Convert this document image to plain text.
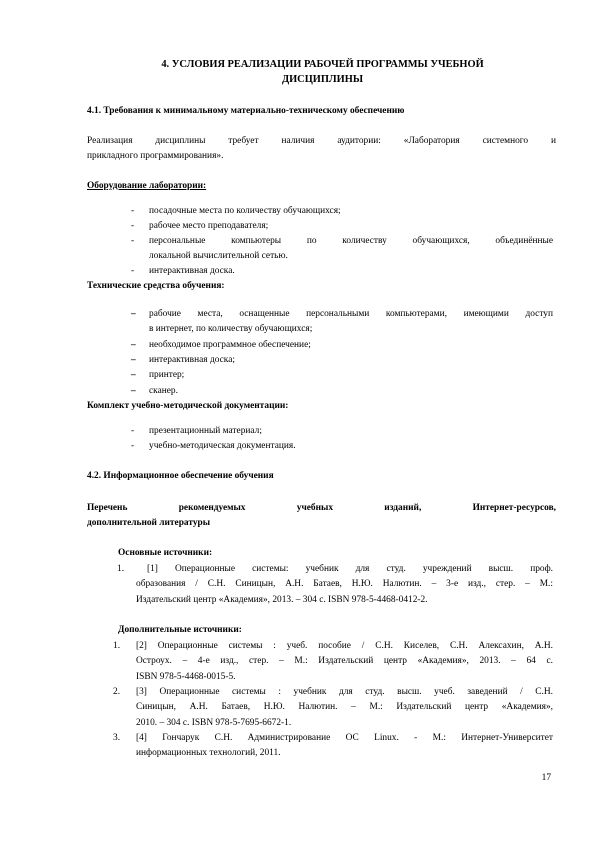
4. УСЛОВИЯ РЕАЛИЗАЦИИ РАБОЧЕЙ ПРОГРАММЫ УЧЕБНОЙ
ДИСЦИПЛИНЫ
4.1. Требования к минимальному материально-техническому обеспечению
Реализация дисциплины требует наличия аудитории: «Лаборатория системного и
прикладного программирования».
Оборудование лаборатории:
- посадочные места по количеству обучающихся;
- рабочее место преподавателя;
- персональные компьютеры по количеству обучающихся, объединённые
локальной вычислительной сетью.
- интерактивная доска.
Технические средства обучения:
– рабочие места, оснащенные персональными компьютерами, имеющими доступ
в интернет, по количеству обучающихся;
– необходимое программное обеспечение;
– интерактивная доска;
– принтер;
– сканер.
Комплект учебно-методической документации:
- презентационный материал;
- учебно-методическая документация.
4.2. Информационное обеспечение обучения
Перечень рекомендуемых учебных изданий, Интернет-ресурсов,
дополнительной литературы
Основные источники:
1. [1] Операционные системы: учебник для студ. учреждений высш. проф.
образования / С.Н. Синицын, А.Н. Батаев, Н.Ю. Налютин. – 3-е изд., стер. – М.:
Издательский центр «Академия», 2013. – 304 с. ISBN 978-5-4468-0412-2.
Дополнительные источники:
1. [2] Операционные системы : учеб. пособие / С.Н. Киселев, С.Н. Алексахин, А.Н.
Остроух. – 4-е изд., стер. – М.: Издательский центр «Академия», 2013. – 64 с.
ISBN 978-5-4468-0015-5.
2. [3] Операционные системы : учебник для студ. высш. учеб. заведений / С.Н.
Синицын, А.Н. Батаев, Н.Ю. Налютин. – М.: Издательский центр «Академия»,
2010. – 304 с. ISBN 978-5-7695-6672-1.
3. [4] Гончарук С.Н. Администрирование ОС Linux. - М.: Интернет-Университет
информационных технологий, 2011.
17
